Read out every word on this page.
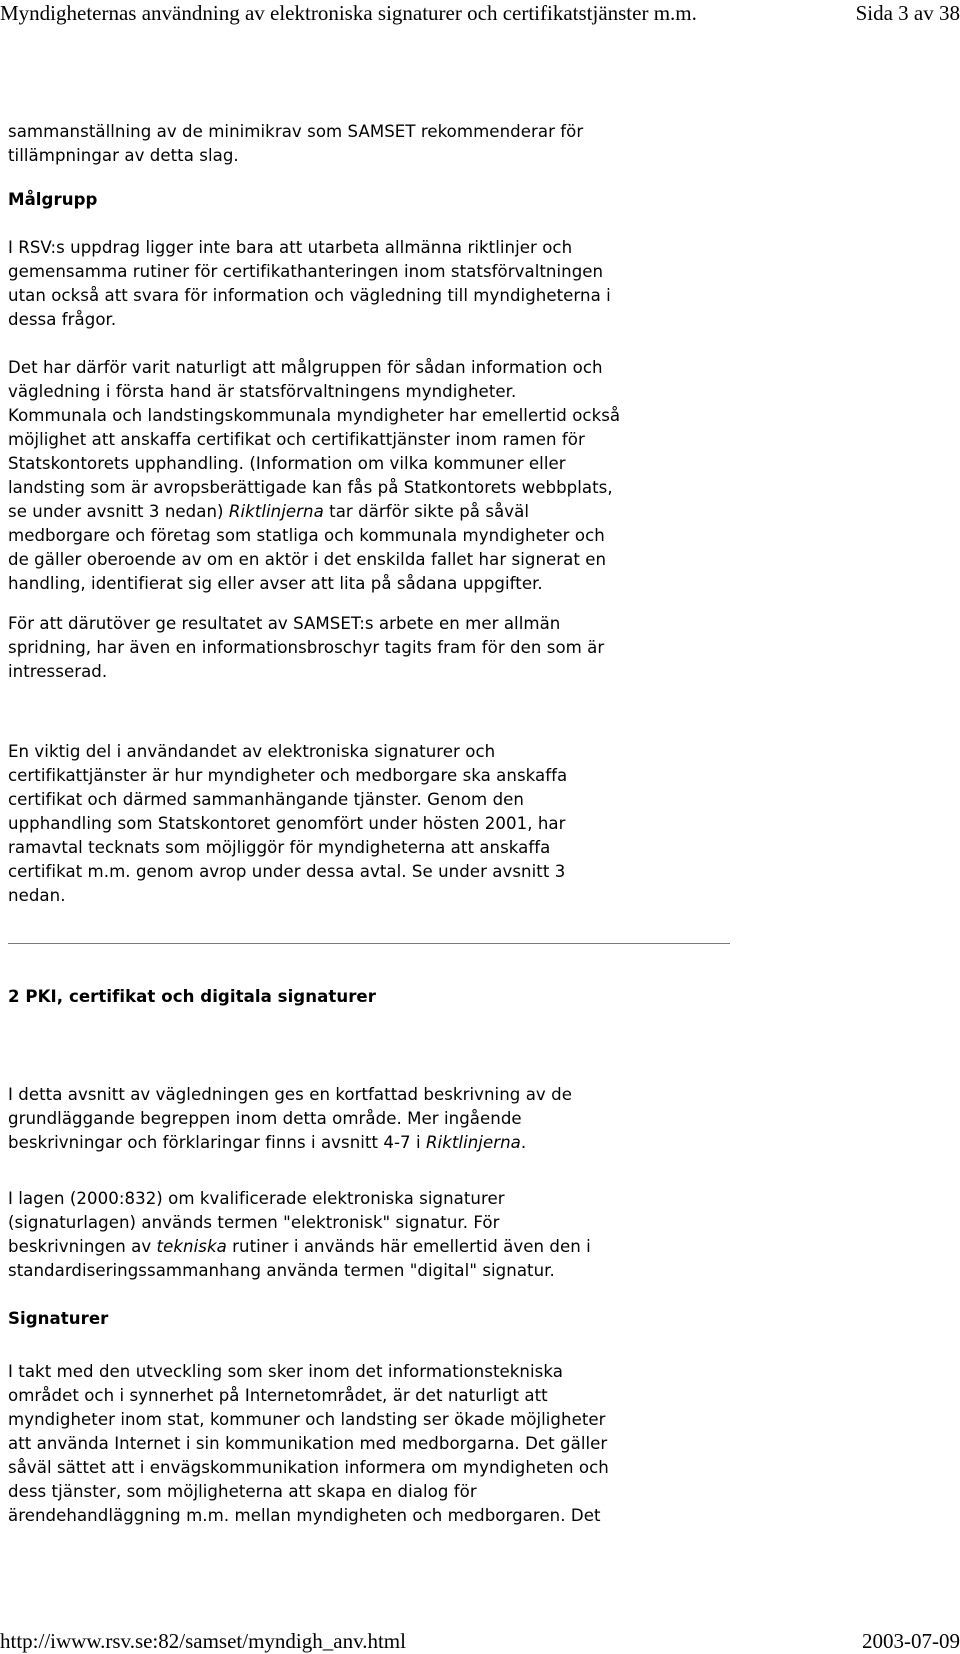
Myndigheternas användning av elektroniska signaturer och certifikatstjänster m.m.	Sida 3 av 38
sammanställning av de minimikrav som SAMSET rekommenderar för
tillämpningar av detta slag.
Målgrupp
I RSV:s uppdrag ligger inte bara att utarbeta allmänna riktlinjer och
gemensamma rutiner för certifikathanteringen inom statsförvaltningen
utan också att svara för information och vägledning till myndigheterna i
dessa frågor.
Det har därför varit naturligt att målgruppen för sådan information och
vägledning i första hand är statsförvaltningens myndigheter.
Kommunala och landstingskommunala myndigheter har emellertid också
möjlighet att anskaffa certifikat och certifikattjänster inom ramen för
Statskontorets upphandling. (Information om vilka kommuner eller
landsting som är avropsberättigade kan fås på Statkontorets webbplats,
se under avsnitt 3 nedan) Riktlinjerna tar därför sikte på såväl
medborgare och företag som statliga och kommunala myndigheter och
de gäller oberoende av om en aktör i det enskilda fallet har signerat en
handling, identifierat sig eller avser att lita på sådana uppgifter.
För att därutöver ge resultatet av SAMSET:s arbete en mer allmän
spridning, har även en informationsbroschyr tagits fram för den som är
intresserad.
En viktig del i användandet av elektroniska signaturer och
certifikattjänster är hur myndigheter och medborgare ska anskaffa
certifikat och därmed sammanhängande tjänster. Genom den
upphandling som Statskontoret genomfört under hösten 2001, har
ramavtal tecknats som möjliggör för myndigheterna att anskaffa
certifikat m.m. genom avrop under dessa avtal. Se under avsnitt 3
nedan.
2 PKI, certifikat och digitala signaturer
I detta avsnitt av vägledningen ges en kortfattad beskrivning av de
grundläggande begreppen inom detta område. Mer ingående
beskrivningar och förklaringar finns i avsnitt 4-7 i Riktlinjerna.
I lagen (2000:832) om kvalificerade elektroniska signaturer
(signaturlagen) används termen "elektronisk" signatur. För
beskrivningen av tekniska rutiner i används här emellertid även den i
standardiseringssammanhang använda termen "digital" signatur.
Signaturer
I takt med den utveckling som sker inom det informationstekniska
området och i synnerhet på Internetområdet, är det naturligt att
myndigheter inom stat, kommuner och landsting ser ökade möjligheter
att använda Internet i sin kommunikation med medborgarna. Det gäller
såväl sättet att i envägskommunikation informera om myndigheten och
dess tjänster, som möjligheterna att skapa en dialog för
ärendehandläggning m.m. mellan myndigheten och medborgaren. Det
http://iwww.rsv.se:82/samset/myndigh_anv.html	2003-07-09
